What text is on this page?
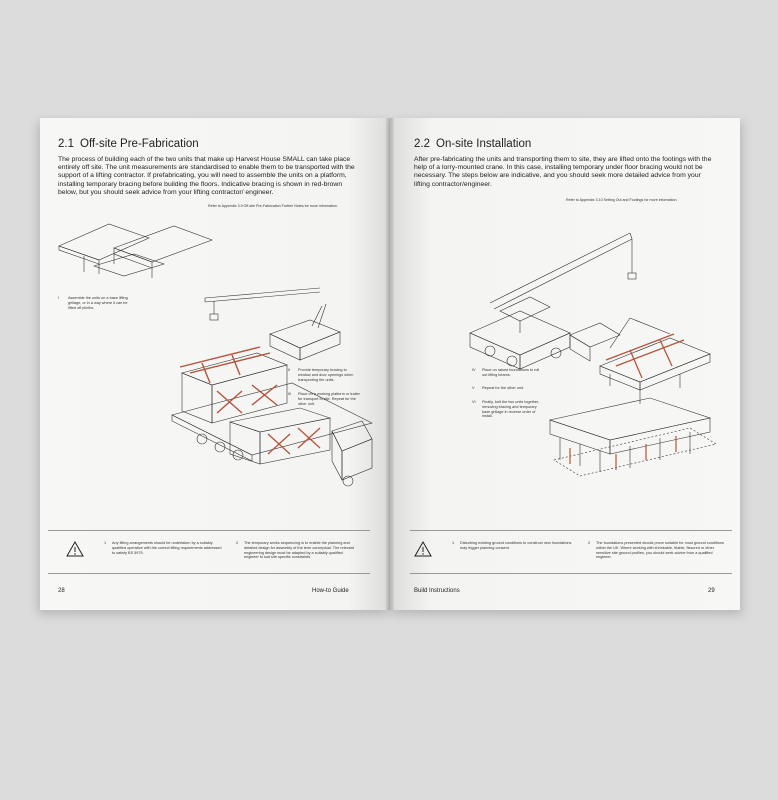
2.1 Off-site Pre-Fabrication
The process of building each of the two units that make up Harvest House SMALL can take place entirely off site. The unit measurements are standardised to enable them to be transported with the support of a lifting contractor. If prefabricating, you will need to assemble the units on a platform, installing temporary bracing before building the floors. Indicative bracing is shown in red-brown below, but you should seek advice from your lifting contractor/ engineer.
Refer to Appendix 3.9 Off-site Pre-Fabrication Further Notes for more information.
I Assemble the units on a base lifting grillage, or in a way where it can be lifted off plinths.
II Provide temporary bracing to window and door openings when transporting the units.
III Place on a working platform or trailer for transport to site. Repeat for the other unit.
1 Any lifting arrangements should be undertaken by a suitably qualified operative with the correct lifting requirements addressed to satisfy BS 5975.
2 The temporary works sequencing is to enable the planning and detailed design for assembly of the term conceptual. The relevant engineering design must be adapted by a suitably qualified engineer to suit site specific constraints.
28	How-to Guide
2.2 On-site Installation
After pre-fabricating the units and transporting them to site, they are lifted onto the footings with the help of a lorry-mounted crane. In this case, installing temporary under floor bracing would not be necessary. The steps below are indicative, and you should seek more detailed advice from your lifting contractor/engineer.
Refer to Appendix 3.10 Setting Out and Footings for more information.
IV Place on raised foundations to roll out lifting beams.
V Repeat for the other unit.
VI Finally, bolt the two units together, removing bracing and temporary base grillage in reverse order of install.
1 Disturbing existing ground conditions to construct new foundations may trigger planning consent.
2 The foundations presented should prove suitable for most ground conditions within the UK. Where working with shrinkable, friable, fissured or other sensitive site ground profiles, you should seek advice from a qualified engineer.
Build Instructions	29
